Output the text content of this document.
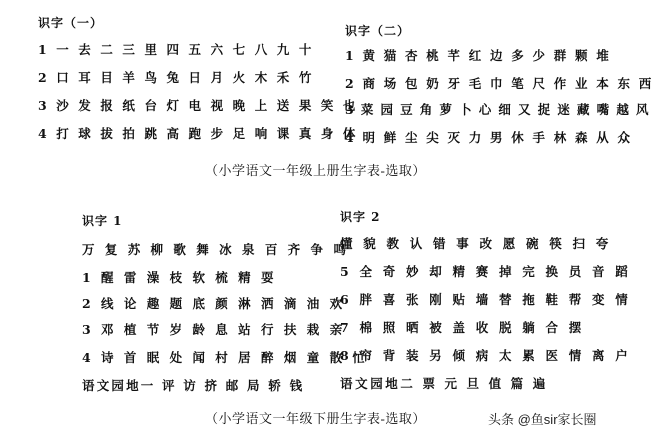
识字（一）
1 一 去 二 三 里 四 五 六 七 八 九 十
2 口 耳 目 羊 鸟 兔 日 月 火 木 禾 竹
3 沙 发 报 纸 台 灯 电 视 晚 上 送 果 笑 也
4 打 球 拔 拍 跳 高 跑 步 足 响 课 真 身 体
识字（二）
1 黄 猫 杏 桃 芊 红 边 多 少 群 颗 堆
2 商 场 包 奶 牙 毛 巾 笔 尺 作 业 本 东 西
3 菜 园 豆 角 萝 卜 心 细 又 捉 迷 藏 嘴 越 风
4 明 鲜 尘 尖 灭 力 男 休 手 林 森 从 众
（小学语文一年级上册生字表-选取）
识字 1
万 复 苏 柳 歌 舞 冰 泉 百 齐 争 鸣
1 醒 雷 澡 枝 软 梳 精 耍
2 线 论 趣 题 底 颜 淋 洒 滴 油 欢
3 邓 植 节 岁 龄 息 站 行 扶 栽 亲
4 诗 首 眠 处 闻 村 居 醉 烟 童 散 忙
语文园地一 评 访 挤 邮 局 轿 钱
识字 2
懂 貌 教 认 错 事 改 愿 碗 筷 扫 夸
5 全 奇 妙 却 精 赛 掉 完 换 员 音 蹈
6 胖 喜 张 刚 贴 墙 替 拖 鞋 帮 变 情
7 棉 照 晒 被 盖 收 脱 躺 合 摆
8 帘 背 装 另 倾 病 太 累 医 情 离 户
语文园地二 票 元 旦 值 篇 遍
（小学语文一年级下册生字表-选取）	头条 @鱼sir家长圈
